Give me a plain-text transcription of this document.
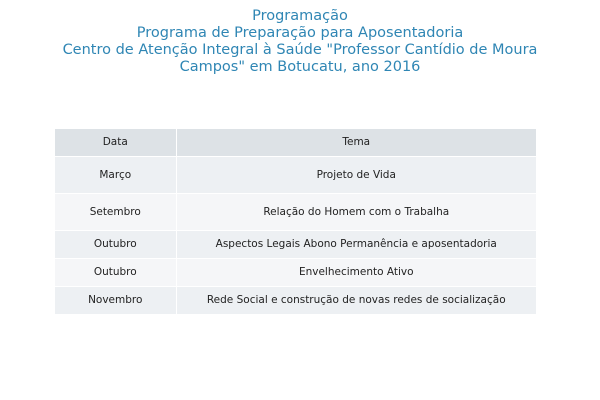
Programação
Programa de Preparação para Aposentadoria
Centro de Atenção Integral à Saúde "Professor Cantídio de Moura
Campos" em Botucatu, ano 2016
Data	Tema
Março	Projeto de Vida
Setembro	Relação do Homem com o Trabalha
Outubro	Aspectos Legais Abono Permanência e aposentadoria
Outubro	Envelhecimento Ativo
Novembro	Rede Social e construção de novas redes de socialização
